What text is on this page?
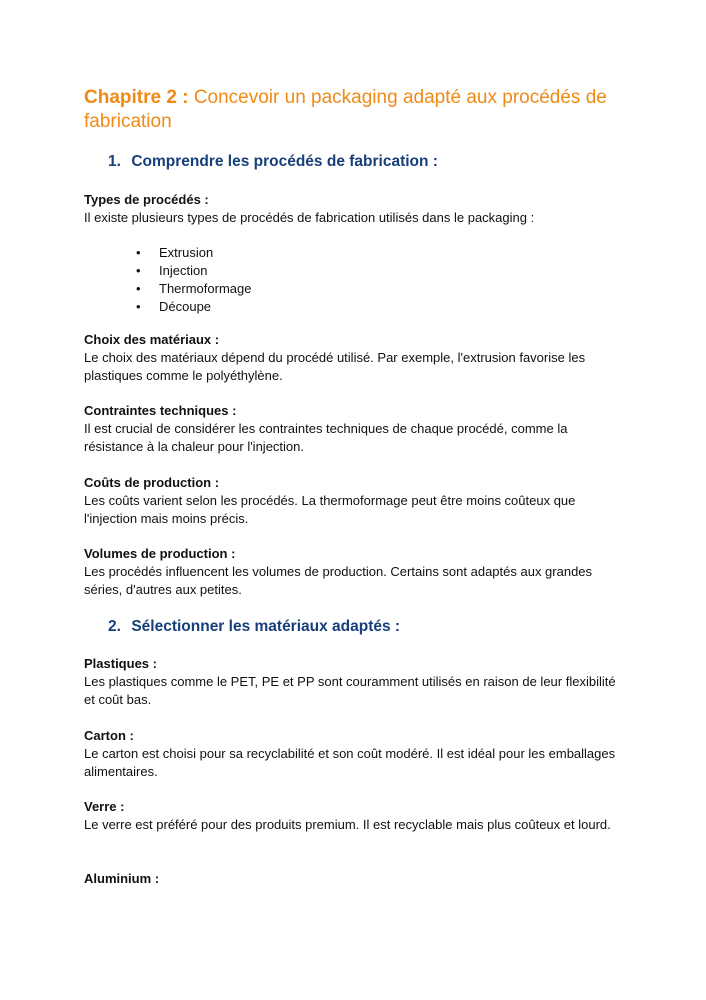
Chapitre 2 : Concevoir un packaging adapté aux procédés de fabrication
1. Comprendre les procédés de fabrication :
Types de procédés :

Il existe plusieurs types de procédés de fabrication utilisés dans le packaging :

• Extrusion
• Injection
• Thermoformage
• Découpe
Choix des matériaux :

Le choix des matériaux dépend du procédé utilisé. Par exemple, l'extrusion favorise les plastiques comme le polyéthylène.

Contraintes techniques :

Il est crucial de considérer les contraintes techniques de chaque procédé, comme la résistance à la chaleur pour l'injection.

Coûts de production :

Les coûts varient selon les procédés. La thermoformage peut être moins coûteux que l'injection mais moins précis.

Volumes de production :

Les procédés influencent les volumes de production. Certains sont adaptés aux grandes séries, d'autres aux petites.

2. Sélectionner les matériaux adaptés :
Plastiques :

Les plastiques comme le PET, PE et PP sont couramment utilisés en raison de leur flexibilité et coût bas.

Carton :

Le carton est choisi pour sa recyclabilité et son coût modéré. Il est idéal pour les emballages alimentaires.

Verre :

Le verre est préféré pour des produits premium. Il est recyclable mais plus coûteux et lourd.

Aluminium :
